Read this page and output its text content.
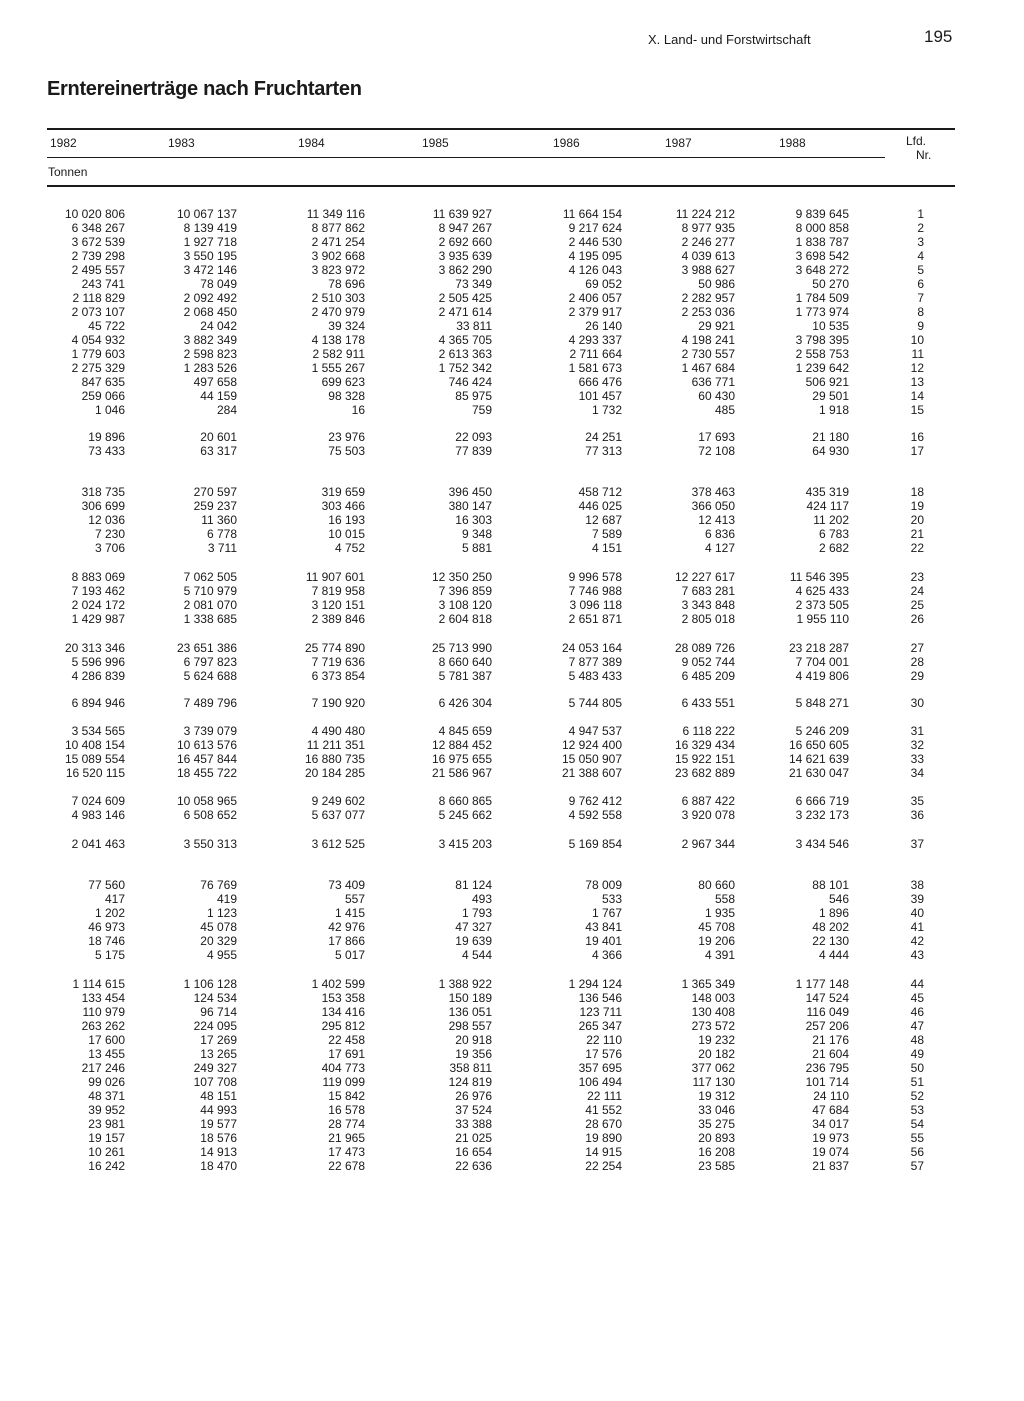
X. Land- und Forstwirtschaft	195
Erntereinerträge nach Fruchtarten
1982	1983	1984	1985	1986	1987	1988	Lfd.
Nr.
Tonnen
10 020 806	10 067 137	11 349 116	11 639 927	11 664 154	11 224 212	9 839 645	1
6 348 267	8 139 419	8 877 862	8 947 267	9 217 624	8 977 935	8 000 858	2
3 672 539	1 927 718	2 471 254	2 692 660	2 446 530	2 246 277	1 838 787	3
2 739 298	3 550 195	3 902 668	3 935 639	4 195 095	4 039 613	3 698 542	4
2 495 557	3 472 146	3 823 972	3 862 290	4 126 043	3 988 627	3 648 272	5
243 741	78 049	78 696	73 349	69 052	50 986	50 270	6
2 118 829	2 092 492	2 510 303	2 505 425	2 406 057	2 282 957	1 784 509	7
2 073 107	2 068 450	2 470 979	2 471 614	2 379 917	2 253 036	1 773 974	8
45 722	24 042	39 324	33 811	26 140	29 921	10 535	9
4 054 932	3 882 349	4 138 178	4 365 705	4 293 337	4 198 241	3 798 395	10
1 779 603	2 598 823	2 582 911	2 613 363	2 711 664	2 730 557	2 558 753	11
2 275 329	1 283 526	1 555 267	1 752 342	1 581 673	1 467 684	1 239 642	12
847 635	497 658	699 623	746 424	666 476	636 771	506 921	13
259 066	44 159	98 328	85 975	101 457	60 430	29 501	14
1 046	284	16	759	1 732	485	1 918	15
19 896	20 601	23 976	22 093	24 251	17 693	21 180	16
73 433	63 317	75 503	77 839	77 313	72 108	64 930	17
318 735	270 597	319 659	396 450	458 712	378 463	435 319	18
306 699	259 237	303 466	380 147	446 025	366 050	424 117	19
12 036	11 360	16 193	16 303	12 687	12 413	11 202	20
7 230	6 778	10 015	9 348	7 589	6 836	6 783	21
3 706	3 711	4 752	5 881	4 151	4 127	2 682	22
8 883 069	7 062 505	11 907 601	12 350 250	9 996 578	12 227 617	11 546 395	23
7 193 462	5 710 979	7 819 958	7 396 859	7 746 988	7 683 281	4 625 433	24
2 024 172	2 081 070	3 120 151	3 108 120	3 096 118	3 343 848	2 373 505	25
1 429 987	1 338 685	2 389 846	2 604 818	2 651 871	2 805 018	1 955 110	26
20 313 346	23 651 386	25 774 890	25 713 990	24 053 164	28 089 726	23 218 287	27
5 596 996	6 797 823	7 719 636	8 660 640	7 877 389	9 052 744	7 704 001	28
4 286 839	5 624 688	6 373 854	5 781 387	5 483 433	6 485 209	4 419 806	29
6 894 946	7 489 796	7 190 920	6 426 304	5 744 805	6 433 551	5 848 271	30
3 534 565	3 739 079	4 490 480	4 845 659	4 947 537	6 118 222	5 246 209	31
10 408 154	10 613 576	11 211 351	12 884 452	12 924 400	16 329 434	16 650 605	32
15 089 554	16 457 844	16 880 735	16 975 655	15 050 907	15 922 151	14 621 639	33
16 520 115	18 455 722	20 184 285	21 586 967	21 388 607	23 682 889	21 630 047	34
7 024 609	10 058 965	9 249 602	8 660 865	9 762 412	6 887 422	6 666 719	35
4 983 146	6 508 652	5 637 077	5 245 662	4 592 558	3 920 078	3 232 173	36
2 041 463	3 550 313	3 612 525	3 415 203	5 169 854	2 967 344	3 434 546	37
77 560	76 769	73 409	81 124	78 009	80 660	88 101	38
417	419	557	493	533	558	546	39
1 202	1 123	1 415	1 793	1 767	1 935	1 896	40
46 973	45 078	42 976	47 327	43 841	45 708	48 202	41
18 746	20 329	17 866	19 639	19 401	19 206	22 130	42
5 175	4 955	5 017	4 544	4 366	4 391	4 444	43
1 114 615	1 106 128	1 402 599	1 388 922	1 294 124	1 365 349	1 177 148	44
133 454	124 534	153 358	150 189	136 546	148 003	147 524	45
110 979	96 714	134 416	136 051	123 711	130 408	116 049	46
263 262	224 095	295 812	298 557	265 347	273 572	257 206	47
17 600	17 269	22 458	20 918	22 110	19 232	21 176	48
13 455	13 265	17 691	19 356	17 576	20 182	21 604	49
217 246	249 327	404 773	358 811	357 695	377 062	236 795	50
99 026	107 708	119 099	124 819	106 494	117 130	101 714	51
48 371	48 151	15 842	26 976	22 111	19 312	24 110	52
39 952	44 993	16 578	37 524	41 552	33 046	47 684	53
23 981	19 577	28 774	33 388	28 670	35 275	34 017	54
19 157	18 576	21 965	21 025	19 890	20 893	19 973	55
10 261	14 913	17 473	16 654	14 915	16 208	19 074	56
16 242	18 470	22 678	22 636	22 254	23 585	21 837	57
